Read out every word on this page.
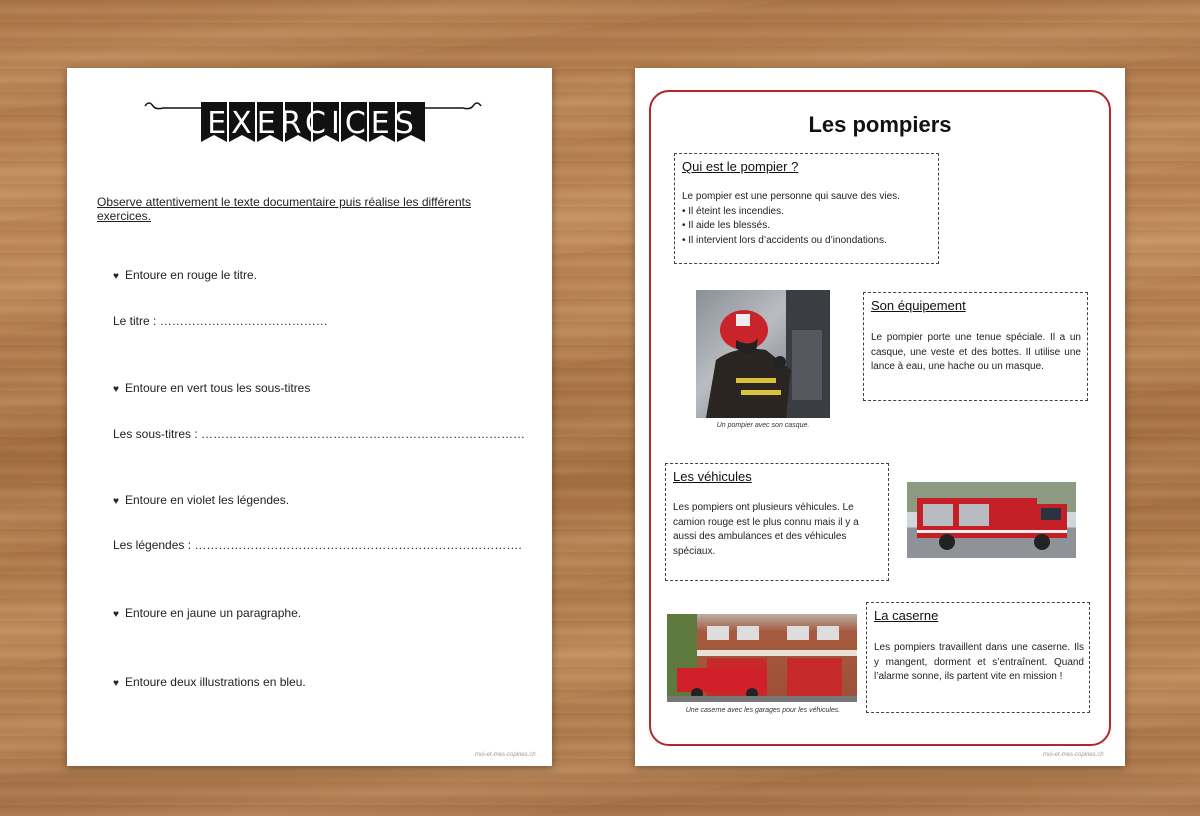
EXERCICES
Observe attentivement le texte documentaire puis réalise les différents exercices.
♥ Entoure en rouge le titre.
Le titre : ……………………………………
♥ Entoure en vert tous les sous-titres
Les sous-titres : ………………………………………………………………………
♥ Entoure en violet les légendes.
Les légendes : ……………………………………………………………………….
♥ Entoure en jaune un paragraphe.
♥ Entoure deux illustrations en bleu.
moi-et-mes-copines.ch
Les pompiers
Qui est le pompier ?
Le pompier est une personne qui sauve des vies.
• Il éteint les incendies.
• Il aide les blessés.
• Il intervient lors d’accidents ou d’inondations.
Un pompier avec son casque.
Son équipement
Le pompier porte une tenue spéciale. Il a un casque, une veste et des bottes. Il utilise une lance à eau, une hache ou un masque.
Les véhicules
Les pompiers ont plusieurs véhicules. Le camion rouge est le plus connu mais il y a aussi des ambulances et des véhicules spéciaux.
Une caserne avec les garages pour les véhicules.
La caserne
Les pompiers travaillent dans une caserne. Ils y mangent, dorment et s’entraînent. Quand l’alarme sonne, ils partent vite en mission !
moi-et-mes-copines.ch
